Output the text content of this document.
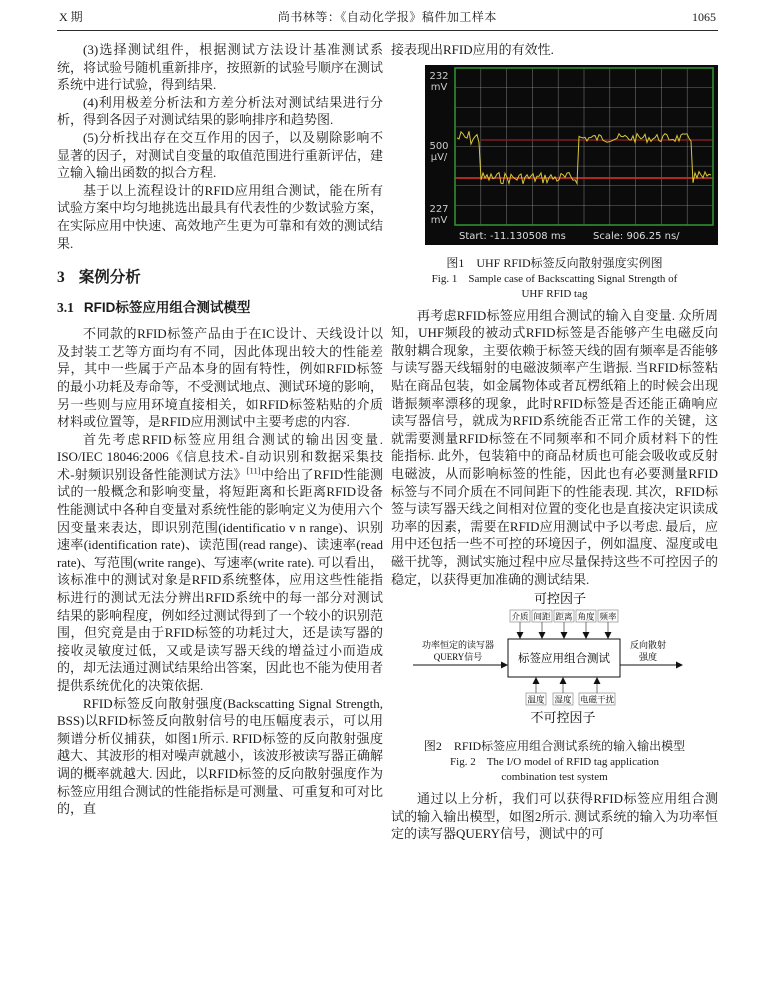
X 期	尚书林等：《自动化学报》稿件加工样本	1065

(3)选择测试组件，根据测试方法设计基准测试系统，将试验号随机重新排序，按照新的试验号顺序在测试系统中进行试验，得到结果.

(4)利用极差分析法和方差分析法对测试结果进行分析，得到各因子对测试结果的影响排序和趋势图.

(5)分析找出存在交互作用的因子，以及剔除影响不显著的因子，对测试自变量的取值范围进行重新评估，建立输入输出函数的拟合方程.

基于以上流程设计的RFID应用组合测试，能在所有试验方案中均匀地挑选出最具有代表性的少数试验方案，在实际应用中快速、高效地产生更为可靠和有效的测试结果.

3 案例分析
3.1 RFID标签应用组合测试模型

不同款的RFID标签产品由于在IC设计、天线设计以及封装工艺等方面均有不同，因此体现出较大的性能差异，其中一些属于产品本身的固有特性，例如RFID标签的最小功耗及寿命等，不受测试地点、测试环境的影响，另一些则与应用环境直接相关，如RFID标签粘贴的介质材料或位置等，是RFID应用测试中主要考虑的内容.

首先考虑RFID标签应用组合测试的输出因变量. ISO/IEC 18046:2006《信息技术-自动识别和数据采集技术-射频识别设备性能测试方法》[11]中给出了RFID性能测试的一般概念和影响变量，将短距离和长距离RFID设备性能测试中各种自变量对系统性能的影响定义为使用六个因变量来表达，即识别范围(identificatio v n range)、识别速率(identification rate)、读范围(read range)、读速率(read rate)、写范围(write range)、写速率(write rate). 可以看出，该标准中的测试对象是RFID系统整体，应用这些性能指标进行的测试无法分辨出RFID系统中的每一部分对测试结果的影响程度，例如经过测试得到了一个较小的识别范围，但究竟是由于RFID标签的功耗过大，还是读写器的接收灵敏度过低，又或是读写器天线的增益过小而造成的，却无法通过测试结果给出答案，因此也不能为使用者提供系统优化的决策依据.

RFID标签反向散射强度(Backscatting Signal Strength, BSS)以RFID标签反向散射信号的电压幅度表示，可以用频谱分析仪捕获，如图1所示. RFID标签的反向散射强度越大、其波形的相对噪声就越小，该波形被读写器正确解调的概率就越大. 因此，以RFID标签的反向散射强度作为标签应用组合测试的性能指标是可测量、可重复和可对比的，直

接表现出RFID应用的有效性.

232
mV
500
μV/
227
mV
Start: -11.130508 ms	Scale: 906.25 ns/

图1　UHF RFID标签反向散射强度实例图

Fig. 1　Sample case of Backscatting Signal Strength of

UHF RFID tag

再考虑RFID标签应用组合测试的输入自变量. 众所周知，UHF频段的被动式RFID标签是否能够产生电磁反向散射耦合现象，主要依赖于标签天线的固有频率是否能够与读写器天线辐射的电磁波频率产生谐振. 当RFID标签粘贴在商品包装，如金属物体或者瓦楞纸箱上的时候会出现谐振频率漂移的现象，此时RFID标签是否还能正确响应读写器信号，就成为RFID系统能否正常工作的关键，这就需要测量RFID标签在不同频率和不同介质材料下的性能指标. 此外，包装箱中的商品材质也可能会吸收或反射电磁波，从而影响标签的性能，因此也有必要测量RFID标签与不同介质在不同间距下的性能表现. 其次，RFID标签与读写器天线之间相对位置的变化也是直接决定识读成功率的因素，需要在RFID应用测试中予以考虑. 最后，应用中还包括一些不可控的环境因子，例如温度、湿度或电磁干扰等，测试实施过程中应尽量保持这些不可控因子的稳定，以获得更加准确的测试结果.

可控因子
介质 间距 距离 角度 频率
标签应用组合测试
功率恒定的读写器
QUERY信号
反向散射
强度
温度 湿度 电磁干扰
不可控因子

图2　RFID标签应用组合测试系统的输入输出模型

Fig. 2　The I/O model of RFID tag application

combination test system

通过以上分析，我们可以获得RFID标签应用组合测试的输入输出模型，如图2所示. 测试系统的输入为功率恒定的读写器QUERY信号，测试中的可
